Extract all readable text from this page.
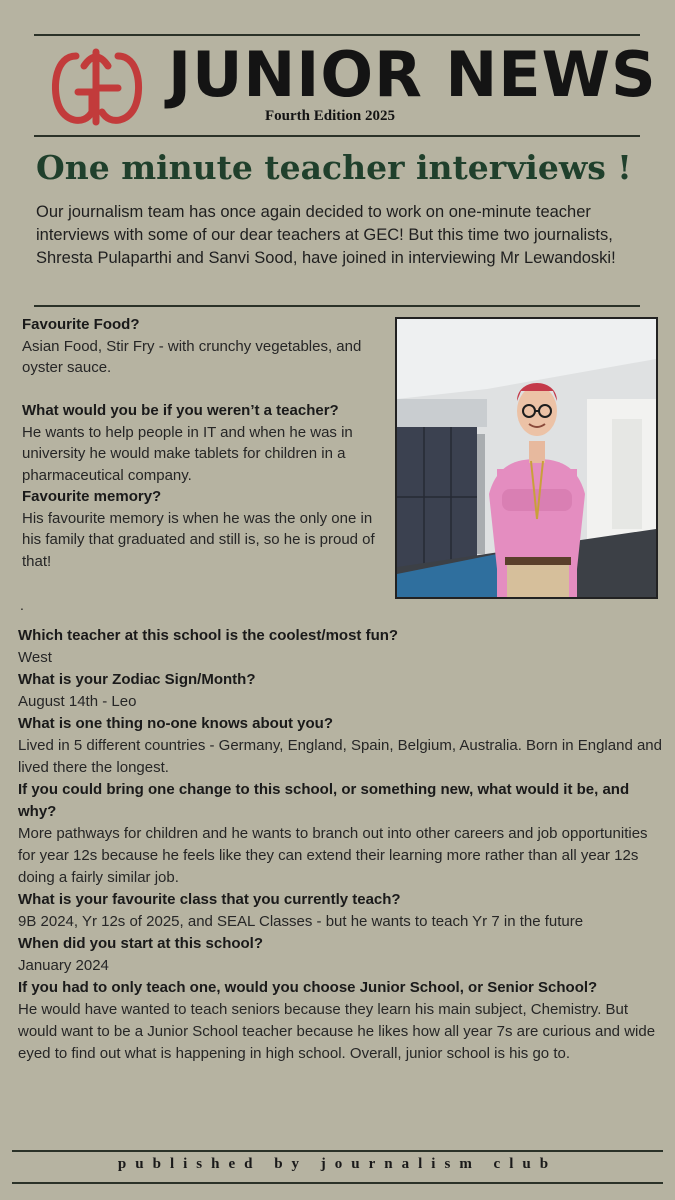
JUNIOR NEWS
Fourth Edition 2025
One minute teacher interviews !
Our journalism team has once again decided to work on one-minute teacher interviews with some of our dear teachers at GEC! But this time two journalists, Shresta Pulaparthi and Sanvi Sood, have joined in interviewing Mr Lewandoski!
Favourite Food?
Asian Food, Stir Fry - with crunchy vegetables, and oyster sauce.
What would you be if you weren’t a teacher?
He wants to help people in IT and when he was in university he would make tablets for children in a pharmaceutical company.
Favourite memory?
His favourite memory is when he was the only one in his family that graduated and still is, so he is proud of that!
.
Which teacher at this school is the coolest/most fun?
West
What is your Zodiac Sign/Month?
August 14th - Leo
What is one thing no-one knows about you?
Lived in 5 different countries - Germany, England, Spain, Belgium, Australia. Born in England and lived there the longest.
If you could bring one change to this school, or something new, what would it be, and why?
More pathways for children and he wants to branch out into other careers and job opportunities for year 12s because he feels like they can extend their learning more rather than all year 12s doing a fairly similar job.
What is your favourite class that you currently teach?
9B 2024, Yr 12s of 2025, and SEAL Classes - but he wants to teach Yr 7 in the future
When did you start at this school?
January 2024
If you had to only teach one, would you choose Junior School, or Senior School?
He would have wanted to teach seniors because they learn his main subject, Chemistry. But would want to be a Junior School teacher because he likes how all year 7s are curious and wide eyed to find out what is happening in high school. Overall, junior school is his go to.
published by journalism club
